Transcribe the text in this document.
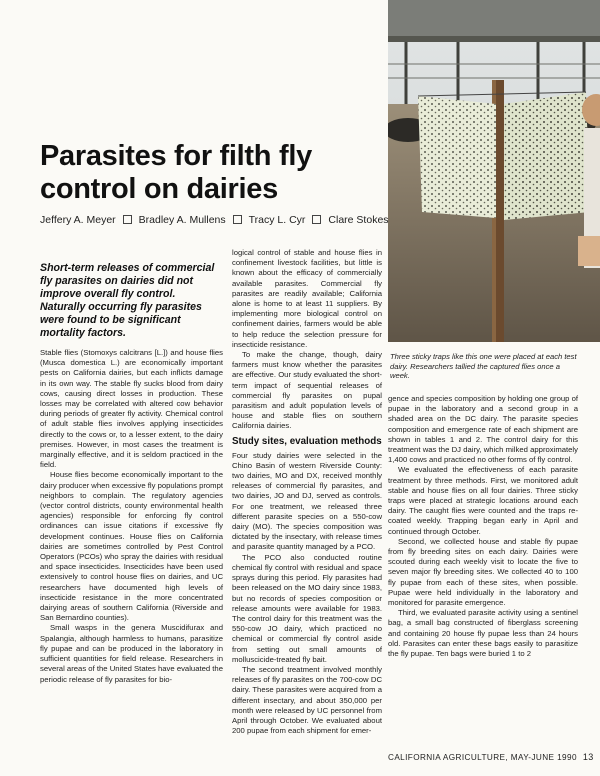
Parasites for filth fly control on dairies
Jeffery A. Meyer Bradley A. Mullens Tracy L. Cyr Clare Stokes
Short-term releases of commercial fly parasites on dairies did not improve overall fly control. Naturally occurring fly parasites were found to be significant mortality factors.

Stable flies (Stomoxys calcitrans [L.]) and house flies (Musca domestica L.) are economically important pests on California dairies, but each inflicts damage in its own way. The stable fly sucks blood from dairy cows, causing direct losses in production. These losses may be correlated with altered cow behavior during periods of greater fly activity. Chemical control of adult stable flies involves applying insecticides directly to the cows or, to a lesser extent, to the dairy premises. However, in most cases the treatment is marginally effective, and it is seldom practiced in the field.

House flies become economically important to the dairy producer when excessive fly populations prompt neighbors to complain. The regulatory agencies (vector control districts, county environmental health agencies) responsible for enforcing fly control ordinances can issue citations if excessive fly development continues. House flies on California dairies are sometimes controlled by Pest Control Operators (PCOs) who spray the dairies with residual and space insecticides. Insecticides have been used extensively to control house flies on dairies, and UC researchers have documented high levels of insecticide resistance in the more concentrated dairying areas of southern California (Riverside and San Bernardino counties).

Small wasps in the genera Muscidifurax and Spalangia, although harmless to humans, parasitize fly pupae and can be produced in the laboratory in sufficient quantities for field release. Researchers in several areas of the United States have evaluated the periodic release of fly parasites for bio-

logical control of stable and house flies in confinement livestock facilities, but little is known about the efficacy of commercially available parasites. Commercial fly parasites are readily available; California alone is home to at least 11 suppliers. By implementing more biological control on confinement dairies, farmers would be able to help reduce the selection pressure for insecticide resistance.

To make the change, though, dairy farmers must know whether the parasites are effective. Our study evaluated the short-term impact of sequential releases of commercial fly parasites on pupal parasitism and adult population levels of house and stable flies on southern California dairies.

Study sites, evaluation methods

Four study dairies were selected in the Chino Basin of western Riverside County: two dairies, MO and DX, received monthly releases of commercial fly parasites, and two dairies, JO and DJ, served as controls. For one treatment, we released three different parasite species on a 550-cow dairy (MO). The species composition was dictated by the insectary, with release times and parasite quantity managed by a PCO.

The PCO also conducted routine chemical fly control with residual and space sprays during this period. Fly parasites had been released on the MO dairy since 1983, but no records of species composition or release amounts were available for 1983. The control dairy for this treatment was the 550-cow JO dairy, which practiced no chemical or commercial fly control aside from setting out small amounts of molluscicide-treated fly bait.

The second treatment involved monthly releases of fly parasites on the 700-cow DC dairy. These parasites were acquired from a different insectary, and about 350,000 per month were released by UC personnel from April through October. We evaluated about 200 pupae from each shipment for emer-

Three sticky traps like this one were placed at each test dairy. Researchers tallied the captured flies once a week.

gence and species composition by holding one group of pupae in the laboratory and a second group in a shaded area on the DC dairy. The parasite species composition and emergence rate of each shipment are shown in tables 1 and 2. The control dairy for this treatment was the DJ dairy, which milked approximately 1,400 cows and practiced no other forms of fly control.

We evaluated the effectiveness of each parasite treatment by three methods. First, we monitored adult stable and house flies on all four dairies. Three sticky traps were placed at strategic locations around each dairy. The caught flies were counted and the traps re-coated weekly. Trapping began early in April and continued through October.

Second, we collected house and stable fly pupae from fly breeding sites on each dairy. Dairies were scouted during each weekly visit to locate the five to seven major fly breeding sites. We collected 40 to 100 fly pupae from each of these sites, when possible. Pupae were held individually in the laboratory and monitored for parasite emergence.

Third, we evaluated parasite activity using a sentinel bag, a small bag constructed of fiberglass screening and containing 20 house fly pupae less than 24 hours old. Parasites can enter these bags easily to parasitize the fly pupae. Ten bags were buried 1 to 2

CALIFORNIA AGRICULTURE, MAY-JUNE 1990 13
